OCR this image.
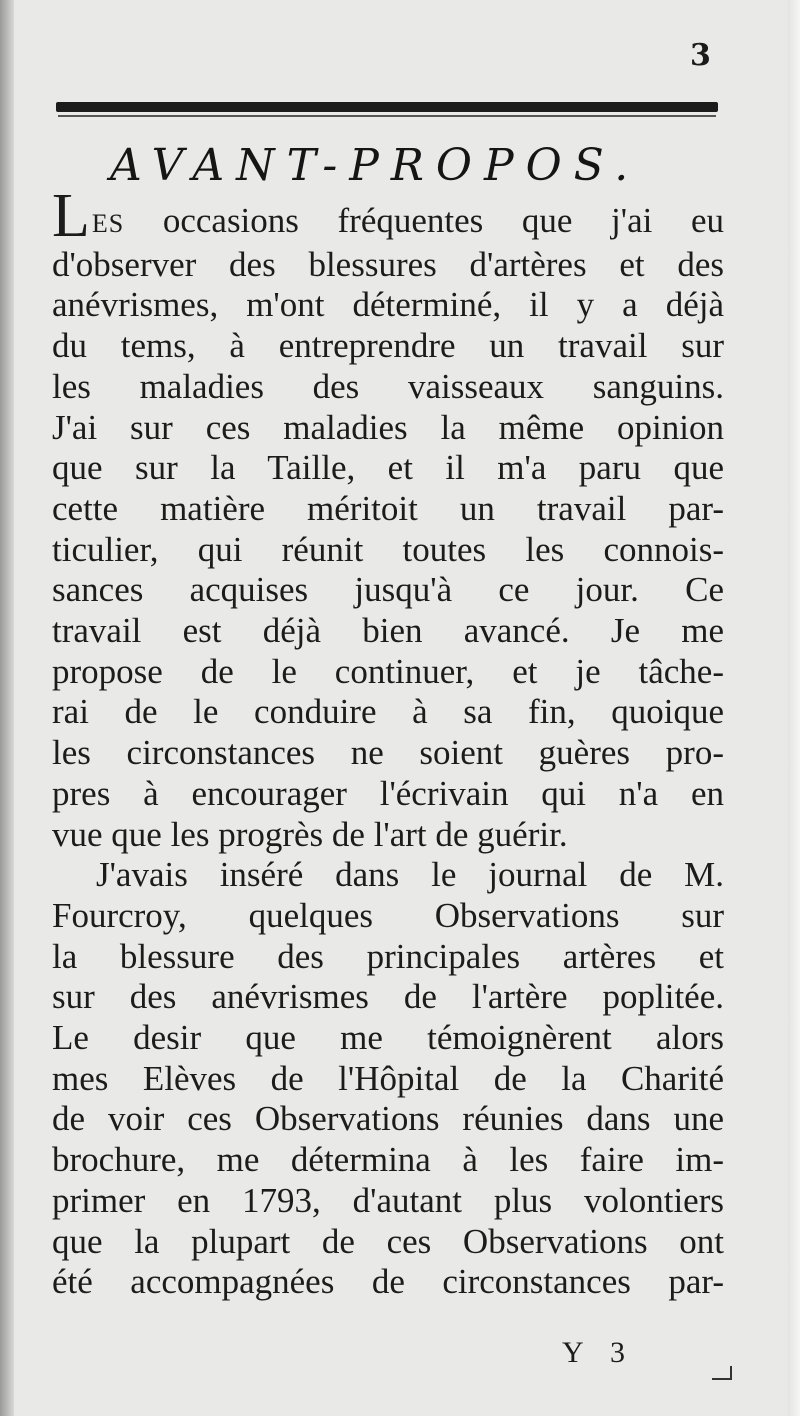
3
AVANT-PROPOS.
LES occasions fréquentes que j'ai eu
d'observer des blessures d'artères et des
anévrismes, m'ont déterminé, il y a déjà
du tems, à entreprendre un travail sur
les maladies des vaisseaux sanguins.
J'ai sur ces maladies la même opinion
que sur la Taille, et il m'a paru que
cette matière méritoit un travail par-
ticulier, qui réunit toutes les connois-
sances acquises jusqu'à ce jour. Ce
travail est déjà bien avancé. Je me
propose de le continuer, et je tâche-
rai de le conduire à sa fin, quoique
les circonstances ne soient guères pro-
pres à encourager l'écrivain qui n'a en
vue que les progrès de l'art de guérir.
J'avais inséré dans le journal de M.
Fourcroy, quelques Observations sur
la blessure des principales artères et
sur des anévrismes de l'artère poplitée.
Le desir que me témoignèrent alors
mes Elèves de l'Hôpital de la Charité
de voir ces Observations réunies dans une
brochure, me détermina à les faire im-
primer en 1793, d'autant plus volontiers
que la plupart de ces Observations ont
été accompagnées de circonstances par-
Y 3
